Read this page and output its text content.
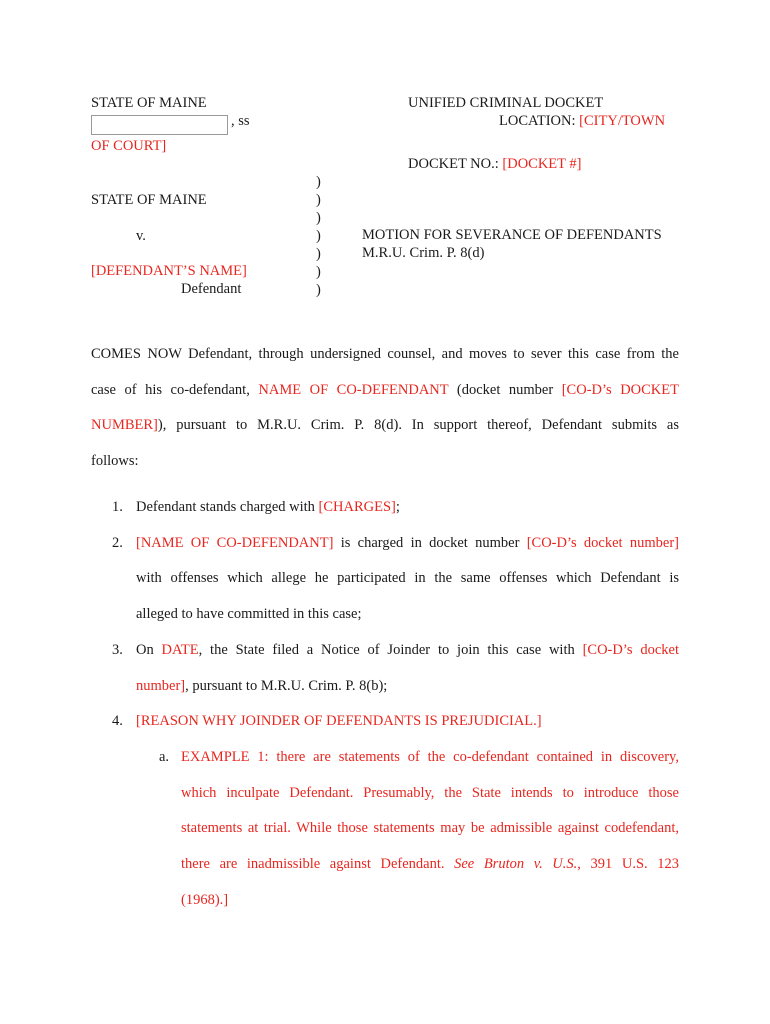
STATE OF MAINE
, ss
OF COURT]
UNIFIED CRIMINAL DOCKET
LOCATION: [CITY/TOWN
DOCKET NO.: [DOCKET #]
STATE OF MAINE
v.
[DEFENDANT’S NAME]
Defendant
)
)
)
)
)
)
)
MOTION FOR SEVERANCE OF DEFENDANTS
M.R.U. Crim. P. 8(d)
COMES NOW Defendant, through undersigned counsel, and moves to sever this case from the
case of his co-defendant, NAME OF CO-DEFENDANT (docket number [CO-D’s DOCKET
NUMBER]), pursuant to M.R.U. Crim. P. 8(d). In support thereof, Defendant submits as
follows:
1. Defendant stands charged with [CHARGES];
2. [NAME OF CO-DEFENDANT] is charged in docket number [CO-D’s docket number]
with offenses which allege he participated in the same offenses which Defendant is
alleged to have committed in this case;
3. On DATE, the State filed a Notice of Joinder to join this case with [CO-D’s docket
number], pursuant to M.R.U. Crim. P. 8(b);
4. [REASON WHY JOINDER OF DEFENDANTS IS PREJUDICIAL.]
a. EXAMPLE 1: there are statements of the co-defendant contained in discovery,
which inculpate Defendant. Presumably, the State intends to introduce those
statements at trial. While those statements may be admissible against codefendant,
there are inadmissible against Defendant. See Bruton v. U.S., 391 U.S. 123
(1968).]
